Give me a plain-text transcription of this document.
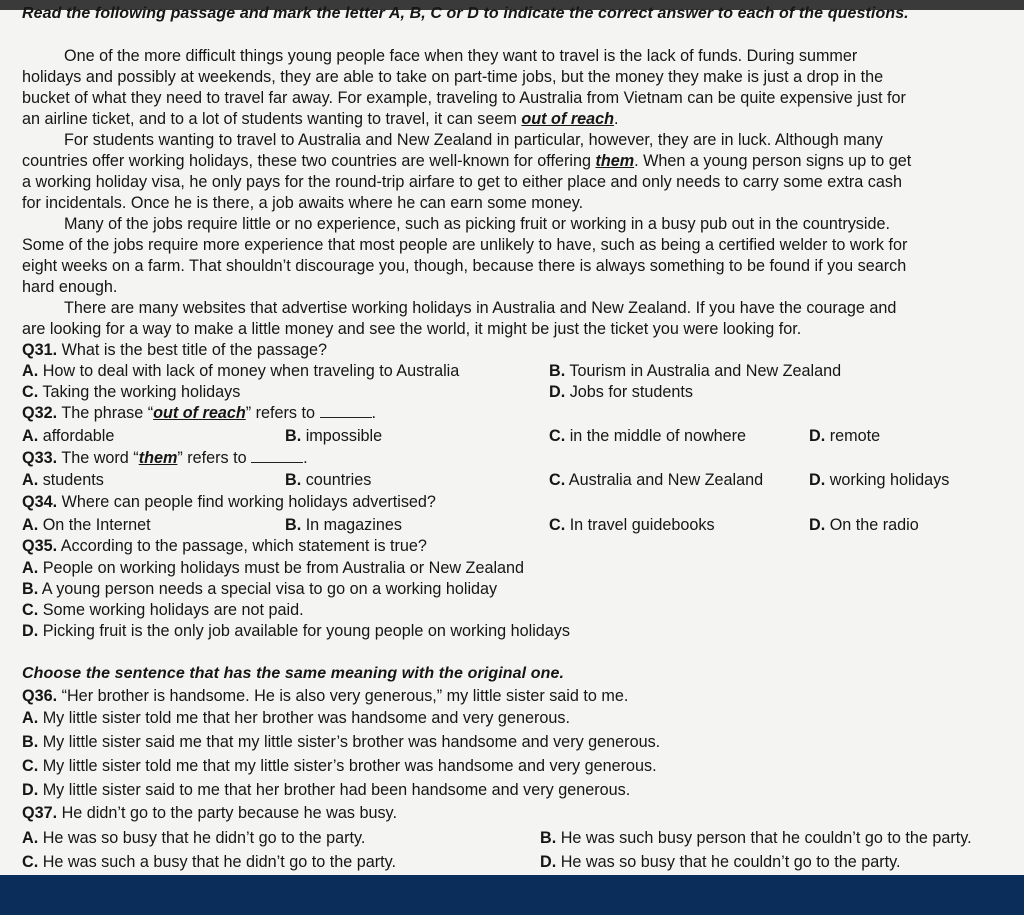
Read the following passage and mark the letter A, B, C or D to indicate the correct answer to each of the questions.
One of the more difficult things young people face when they want to travel is the lack of funds. During summer
holidays and possibly at weekends, they are able to take on part-time jobs, but the money they make is just a drop in the
bucket of what they need to travel far away. For example, traveling to Australia from Vietnam can be quite expensive just for
an airline ticket, and to a lot of students wanting to travel, it can seem out of reach.
For students wanting to travel to Australia and New Zealand in particular, however, they are in luck. Although many
countries offer working holidays, these two countries are well-known for offering them. When a young person signs up to get
a working holiday visa, he only pays for the round-trip airfare to get to either place and only needs to carry some extra cash
for incidentals. Once he is there, a job awaits where he can earn some money.
Many of the jobs require little or no experience, such as picking fruit or working in a busy pub out in the countryside.
Some of the jobs require more experience that most people are unlikely to have, such as being a certified welder to work for
eight weeks on a farm. That shouldn’t discourage you, though, because there is always something to be found if you search
hard enough.
There are many websites that advertise working holidays in Australia and New Zealand. If you have the courage and
are looking for a way to make a little money and see the world, it might be just the ticket you were looking for.
Q31. What is the best title of the passage?
A. How to deal with lack of money when traveling to Australia	B. Tourism in Australia and New Zealand
C. Taking the working holidays	D. Jobs for students
Q32. The phrase “out of reach” refers to	.
A. affordable	B. impossible	C. in the middle of nowhere	D. remote
Q33. The word “them” refers to	.
A. students	B. countries	C. Australia and New Zealand	D. working holidays
Q34. Where can people find working holidays advertised?
A. On the Internet	B. In magazines	C. In travel guidebooks	D. On the radio
Q35. According to the passage, which statement is true?
A. People on working holidays must be from Australia or New Zealand
B. A young person needs a special visa to go on a working holiday
C. Some working holidays are not paid.
D. Picking fruit is the only job available for young people on working holidays
Choose the sentence that has the same meaning with the original one.
Q36. “Her brother is handsome. He is also very generous,” my little sister said to me.
A. My little sister told me that her brother was handsome and very generous.
B. My little sister said me that my little sister’s brother was handsome and very generous.
C. My little sister told me that my little sister’s brother was handsome and very generous.
D. My little sister said to me that her brother had been handsome and very generous.
Q37. He didn’t go to the party because he was busy.
A. He was so busy that he didn’t go to the party.	B. He was such busy person that he couldn’t go to the party.
C. He was such a busy that he didn’t go to the party.	D. He was so busy that he couldn’t go to the party.
